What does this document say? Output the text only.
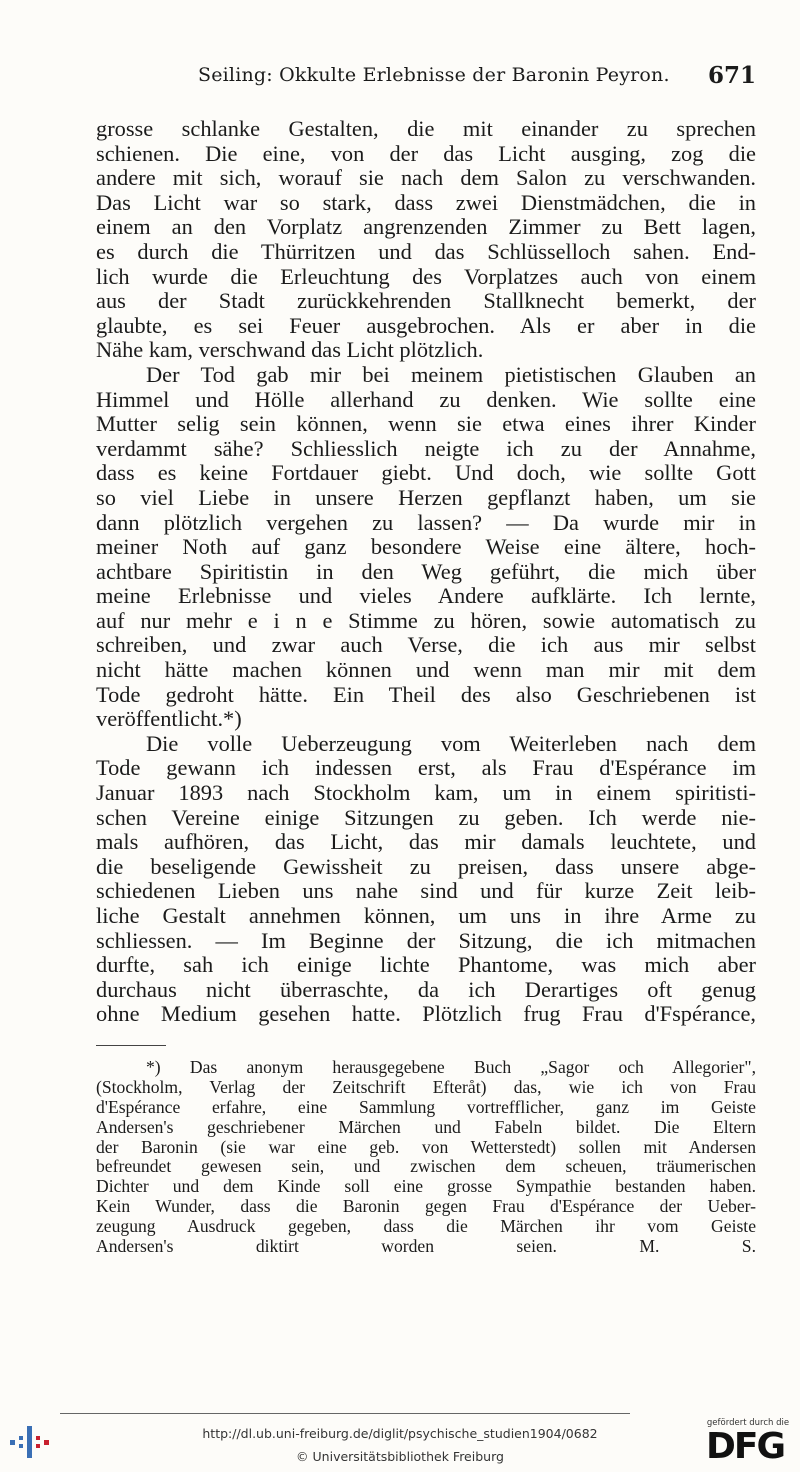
Seiling: Okkulte Erlebnisse der Baronin Peyron. 671
grosse schlanke Gestalten, die mit einander zu sprechen
schienen. Die eine, von der das Licht ausging, zog die
andere mit sich, worauf sie nach dem Salon zu verschwanden.
Das Licht war so stark, dass zwei Dienstmädchen, die in
einem an den Vorplatz angrenzenden Zimmer zu Bett lagen,
es durch die Thürritzen und das Schlüsselloch sahen. End-
lich wurde die Erleuchtung des Vorplatzes auch von einem
aus der Stadt zurückkehrenden Stallknecht bemerkt, der
glaubte, es sei Feuer ausgebrochen. Als er aber in die
Nähe kam, verschwand das Licht plötzlich.
Der Tod gab mir bei meinem pietistischen Glauben an
Himmel und Hölle allerhand zu denken. Wie sollte eine
Mutter selig sein können, wenn sie etwa eines ihrer Kinder
verdammt sähe? Schliesslich neigte ich zu der Annahme,
dass es keine Fortdauer giebt. Und doch, wie sollte Gott
so viel Liebe in unsere Herzen gepflanzt haben, um sie
dann plötzlich vergehen zu lassen? — Da wurde mir in
meiner Noth auf ganz besondere Weise eine ältere, hoch-
achtbare Spiritistin in den Weg geführt, die mich über
meine Erlebnisse und vieles Andere aufklärte. Ich lernte,
auf nur mehr e i n e Stimme zu hören, sowie automatisch zu
schreiben, und zwar auch Verse, die ich aus mir selbst
nicht hätte machen können und wenn man mir mit dem
Tode gedroht hätte. Ein Theil des also Geschriebenen ist
veröffentlicht.*)
Die volle Ueberzeugung vom Weiterleben nach dem
Tode gewann ich indessen erst, als Frau d'Espérance im
Januar 1893 nach Stockholm kam, um in einem spiritisti-
schen Vereine einige Sitzungen zu geben. Ich werde nie-
mals aufhören, das Licht, das mir damals leuchtete, und
die beseligende Gewissheit zu preisen, dass unsere abge-
schiedenen Lieben uns nahe sind und für kurze Zeit leib-
liche Gestalt annehmen können, um uns in ihre Arme zu
schliessen. — Im Beginne der Sitzung, die ich mitmachen
durfte, sah ich einige lichte Phantome, was mich aber
durchaus nicht überraschte, da ich Derartiges oft genug
ohne Medium gesehen hatte. Plötzlich frug Frau d'Fspérance,
*) Das anonym herausgegebene Buch „Sagor och Allegorier",
(Stockholm, Verlag der Zeitschrift Efteråt) das, wie ich von Frau
d'Espérance erfahre, eine Sammlung vortrefflicher, ganz im Geiste
Andersen's geschriebener Märchen und Fabeln bildet. Die Eltern
der Baronin (sie war eine geb. von Wetterstedt) sollen mit Andersen
befreundet gewesen sein, und zwischen dem scheuen, träumerischen
Dichter und dem Kinde soll eine grosse Sympathie bestanden haben.
Kein Wunder, dass die Baronin gegen Frau d'Espérance der Ueber-
zeugung Ausdruck gegeben, dass die Märchen ihr vom Geiste
Andersen's diktirt worden seien. M. S.
http://dl.ub.uni-freiburg.de/diglit/psychische_studien1904/0682
© Universitätsbibliothek Freiburg
gefördert durch die
DFG
